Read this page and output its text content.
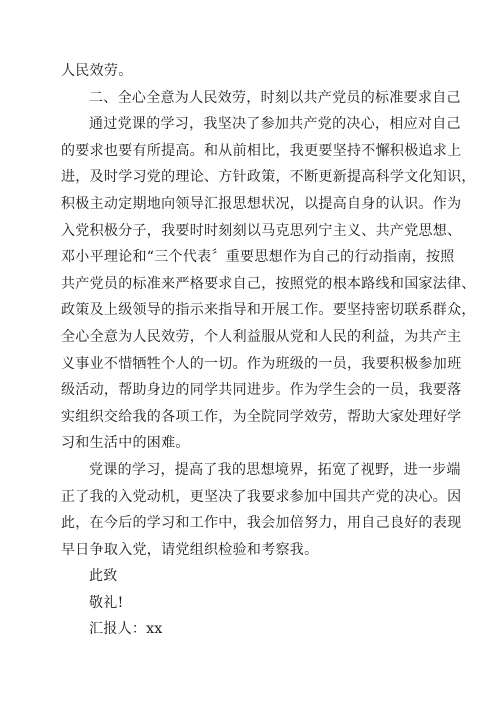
人民效劳。
二、全心全意为人民效劳，时刻以共产党员的标准要求自己
通过党课的学习，我坚决了参加共产党的决心，相应对自己
的要求也要有所提高。和从前相比，我更要坚持不懈积极追求上
进，及时学习党的理论、方针政策，不断更新提高科学文化知识，
积极主动定期地向领导汇报思想状况，以提高自身的认识。作为
入党积极分子，我要时时刻刻以马克思列宁主义、共产党思想、
邓小平理论和“三个代表〞重要思想作为自己的行动指南，按照
共产党员的标准来严格要求自己，按照党的根本路线和国家法律、
政策及上级领导的指示来指导和开展工作。要坚持密切联系群众，
全心全意为人民效劳，个人利益服从党和人民的利益，为共产主
义事业不惜牺牲个人的一切。作为班级的一员，我要积极参加班
级活动，帮助身边的同学共同进步。作为学生会的一员，我要落
实组织交给我的各项工作，为全院同学效劳，帮助大家处理好学
习和生活中的困难。
党课的学习，提高了我的思想境界，拓宽了视野，进一步端
正了我的入党动机，更坚决了我要求参加中国共产党的决心。因
此，在今后的学习和工作中，我会加倍努力，用自己良好的表现
早日争取入党，请党组织检验和考察我。
此致
敬礼!
汇报人：xx
